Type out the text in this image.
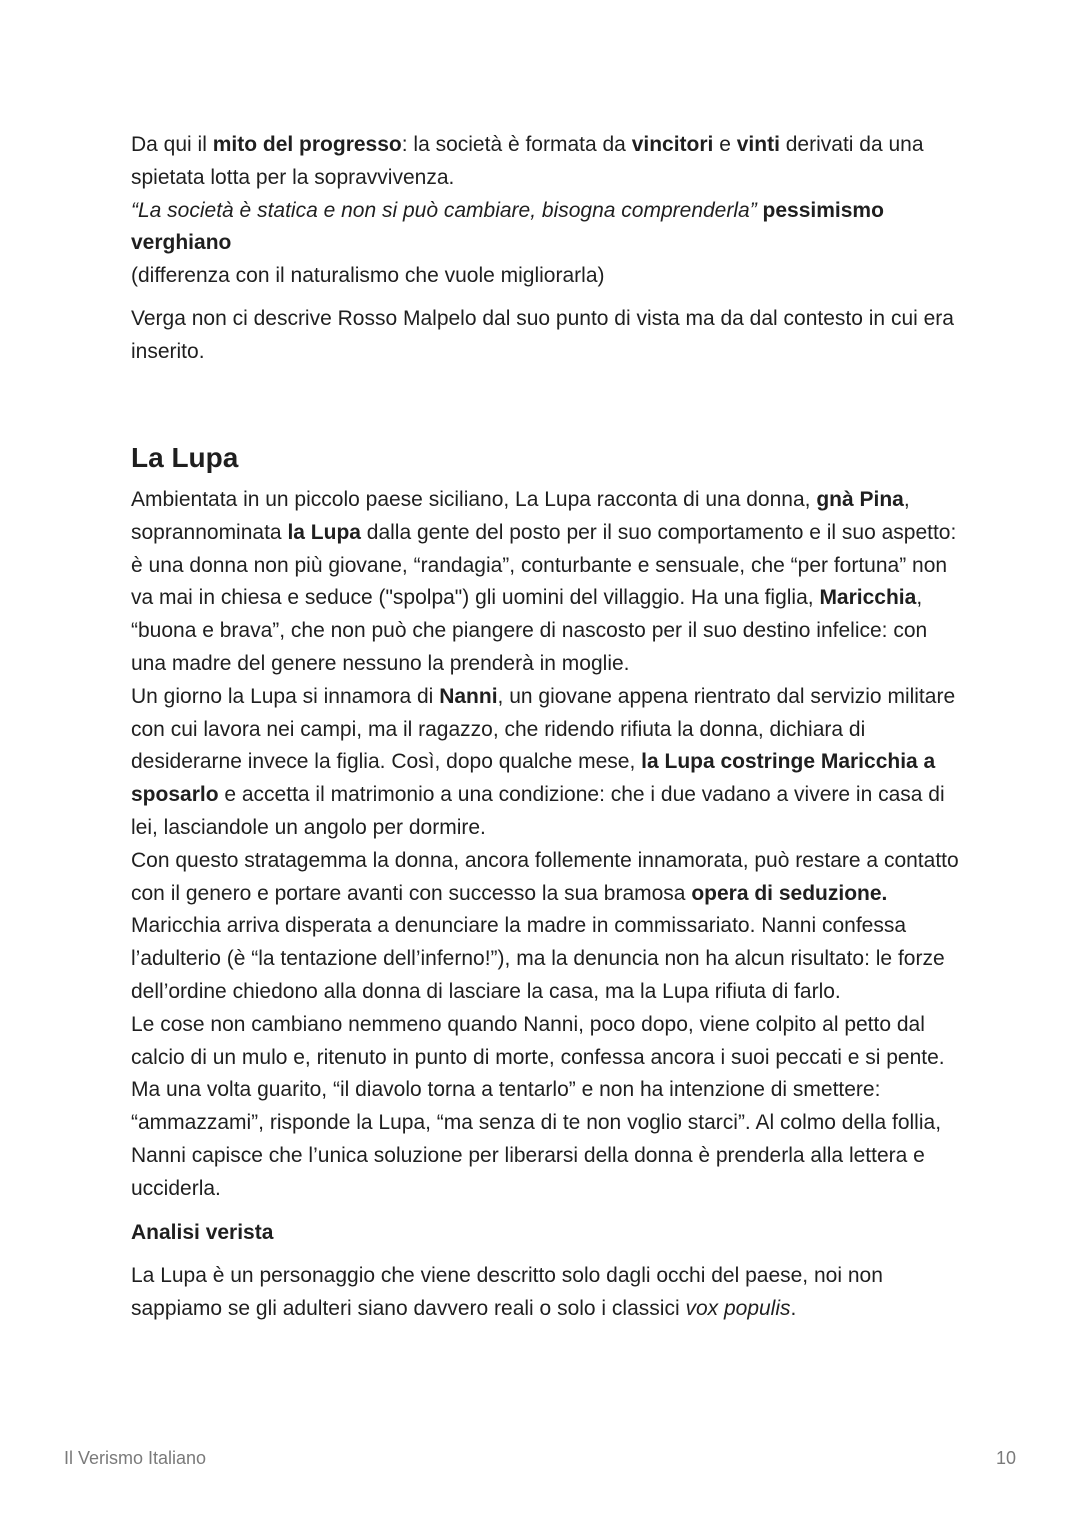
Da qui il mito del progresso: la società è formata da vincitori e vinti derivati da una spietata lotta per la sopravvivenza.

“La società è statica e non si può cambiare, bisogna comprenderla” pessimismo verghiano

(differenza con il naturalismo che vuole migliorarla)

Verga non ci descrive Rosso Malpelo dal suo punto di vista ma da dal contesto in cui era inserito.

La Lupa

Ambientata in un piccolo paese siciliano, La Lupa racconta di una donna, gnà Pina, soprannominata la Lupa dalla gente del posto per il suo comportamento e il suo aspetto: è una donna non più giovane, “randagia”, conturbante e sensuale, che “per fortuna” non va mai in chiesa e seduce ("spolpa") gli uomini del villaggio. Ha una figlia, Maricchia, “buona e brava”, che non può che piangere di nascosto per il suo destino infelice: con una madre del genere nessuno la prenderà in moglie.

Un giorno la Lupa si innamora di Nanni, un giovane appena rientrato dal servizio militare con cui lavora nei campi, ma il ragazzo, che ridendo rifiuta la donna, dichiara di desiderarne invece la figlia. Così, dopo qualche mese, la Lupa costringe Maricchia a sposarlo e accetta il matrimonio a una condizione: che i due vadano a vivere in casa di lei, lasciandole un angolo per dormire.

Con questo stratagemma la donna, ancora follemente innamorata, può restare a contatto con il genero e portare avanti con successo la sua bramosa opera di seduzione.

Maricchia arriva disperata a denunciare la madre in commissariato. Nanni confessa l’adulterio (è “la tentazione dell’inferno!”), ma la denuncia non ha alcun risultato: le forze dell’ordine chiedono alla donna di lasciare la casa, ma la Lupa rifiuta di farlo.

Le cose non cambiano nemmeno quando Nanni, poco dopo, viene colpito al petto dal calcio di un mulo e, ritenuto in punto di morte, confessa ancora i suoi peccati e si pente. Ma una volta guarito, “il diavolo torna a tentarlo” e non ha intenzione di smettere: “ammazzami”, risponde la Lupa, “ma senza di te non voglio starci”. Al colmo della follia, Nanni capisce che l’unica soluzione per liberarsi della donna è prenderla alla lettera e ucciderla.

Analisi verista

La Lupa è un personaggio che viene descritto solo dagli occhi del paese, noi non sappiamo se gli adulteri siano davvero reali o solo i classici vox populis.

Il Verismo Italiano	10
